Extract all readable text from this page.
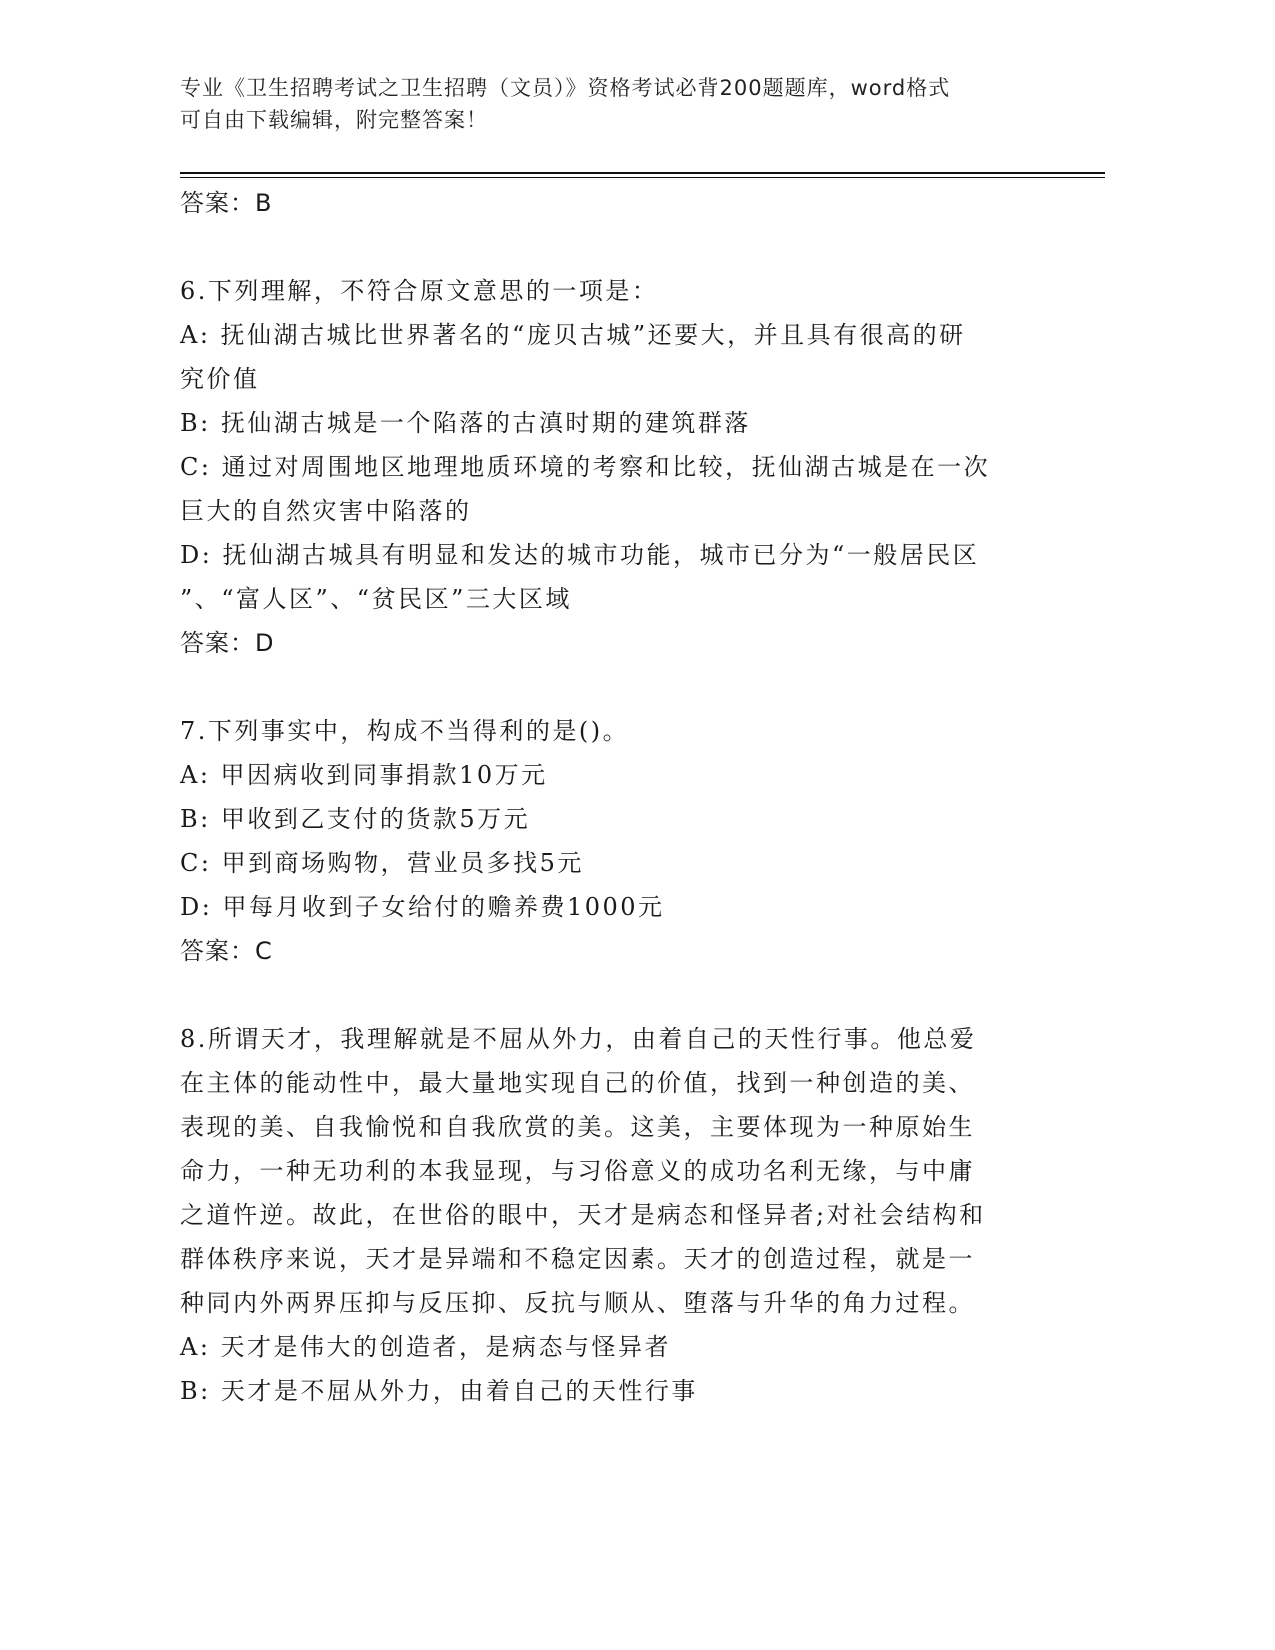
专业《卫生招聘考试之卫生招聘（文员）》资格考试必背200题题库，word格式
可自由下载编辑，附完整答案！
答案：B
6.下列理解，不符合原文意思的一项是：
A: 抚仙湖古城比世界著名的“庞贝古城”还要大，并且具有很高的研
究价值
B: 抚仙湖古城是一个陷落的古滇时期的建筑群落
C: 通过对周围地区地理地质环境的考察和比较，抚仙湖古城是在一次
巨大的自然灾害中陷落的
D: 抚仙湖古城具有明显和发达的城市功能，城市已分为“一般居民区
”、“富人区”、“贫民区”三大区域
答案：D
7.下列事实中，构成不当得利的是()。
A: 甲因病收到同事捐款10万元
B: 甲收到乙支付的货款5万元
C: 甲到商场购物，营业员多找5元
D: 甲每月收到子女给付的赡养费1000元
答案：C
8.所谓天才，我理解就是不屈从外力，由着自己的天性行事。他总爱
在主体的能动性中，最大量地实现自己的价值，找到一种创造的美、
表现的美、自我愉悦和自我欣赏的美。这美，主要体现为一种原始生
命力，一种无功利的本我显现，与习俗意义的成功名利无缘，与中庸
之道忤逆。故此，在世俗的眼中，天才是病态和怪异者;对社会结构和
群体秩序来说，天才是异端和不稳定因素。天才的创造过程，就是一
种同内外两界压抑与反压抑、反抗与顺从、堕落与升华的角力过程。
A: 天才是伟大的创造者，是病态与怪异者
B: 天才是不屈从外力，由着自己的天性行事
